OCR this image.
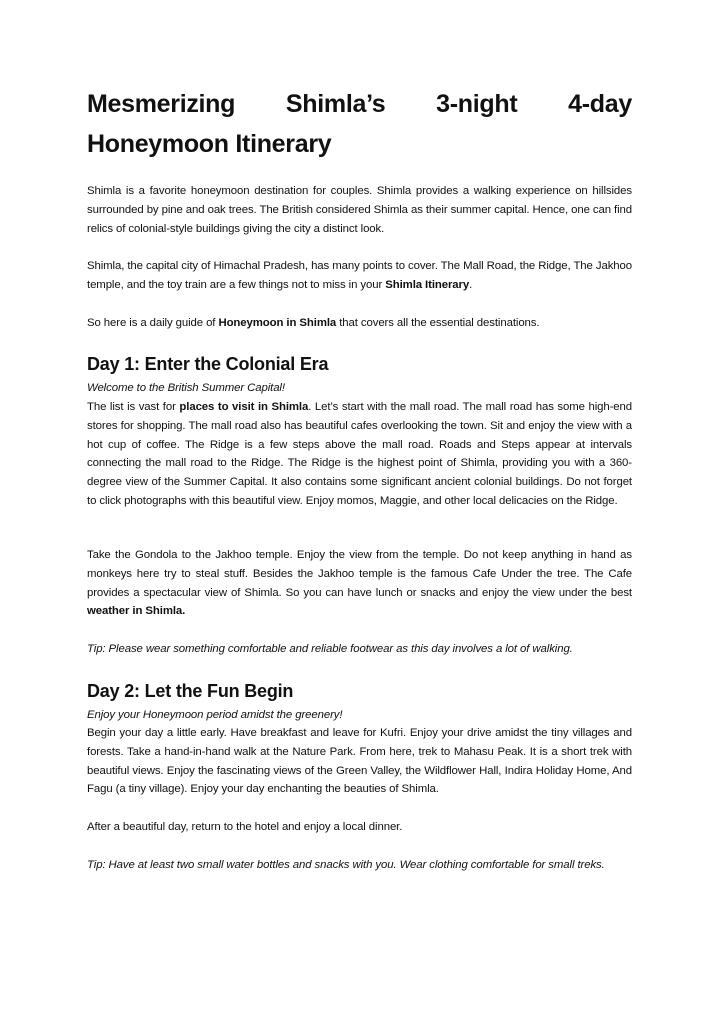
Mesmerizing Shimla’s 3-night 4-day Honeymoon Itinerary

Shimla is a favorite honeymoon destination for couples. Shimla provides a walking experience on hillsides surrounded by pine and oak trees. The British considered Shimla as their summer capital. Hence, one can find relics of colonial-style buildings giving the city a distinct look.

Shimla, the capital city of Himachal Pradesh, has many points to cover. The Mall Road, the Ridge, The Jakhoo temple, and the toy train are a few things not to miss in your Shimla Itinerary.

So here is a daily guide of Honeymoon in Shimla that covers all the essential destinations.

Day 1: Enter the Colonial Era

Welcome to the British Summer Capital!

The list is vast for places to visit in Shimla. Let’s start with the mall road. The mall road has some high-end stores for shopping. The mall road also has beautiful cafes overlooking the town. Sit and enjoy the view with a hot cup of coffee. The Ridge is a few steps above the mall road. Roads and Steps appear at intervals connecting the mall road to the Ridge. The Ridge is the highest point of Shimla, providing you with a 360-degree view of the Summer Capital. It also contains some significant ancient colonial buildings. Do not forget to click photographs with this beautiful view. Enjoy momos, Maggie, and other local delicacies on the Ridge.

Take the Gondola to the Jakhoo temple. Enjoy the view from the temple. Do not keep anything in hand as monkeys here try to steal stuff. Besides the Jakhoo temple is the famous Cafe Under the tree. The Cafe provides a spectacular view of Shimla. So you can have lunch or snacks and enjoy the view under the best weather in Shimla.

Tip: Please wear something comfortable and reliable footwear as this day involves a lot of walking.

Day 2: Let the Fun Begin

Enjoy your Honeymoon period amidst the greenery!

Begin your day a little early. Have breakfast and leave for Kufri. Enjoy your drive amidst the tiny villages and forests. Take a hand-in-hand walk at the Nature Park. From here, trek to Mahasu Peak. It is a short trek with beautiful views. Enjoy the fascinating views of the Green Valley, the Wildflower Hall, Indira Holiday Home, And Fagu (a tiny village). Enjoy your day enchanting the beauties of Shimla.

After a beautiful day, return to the hotel and enjoy a local dinner.

Tip: Have at least two small water bottles and snacks with you. Wear clothing comfortable for small treks.
